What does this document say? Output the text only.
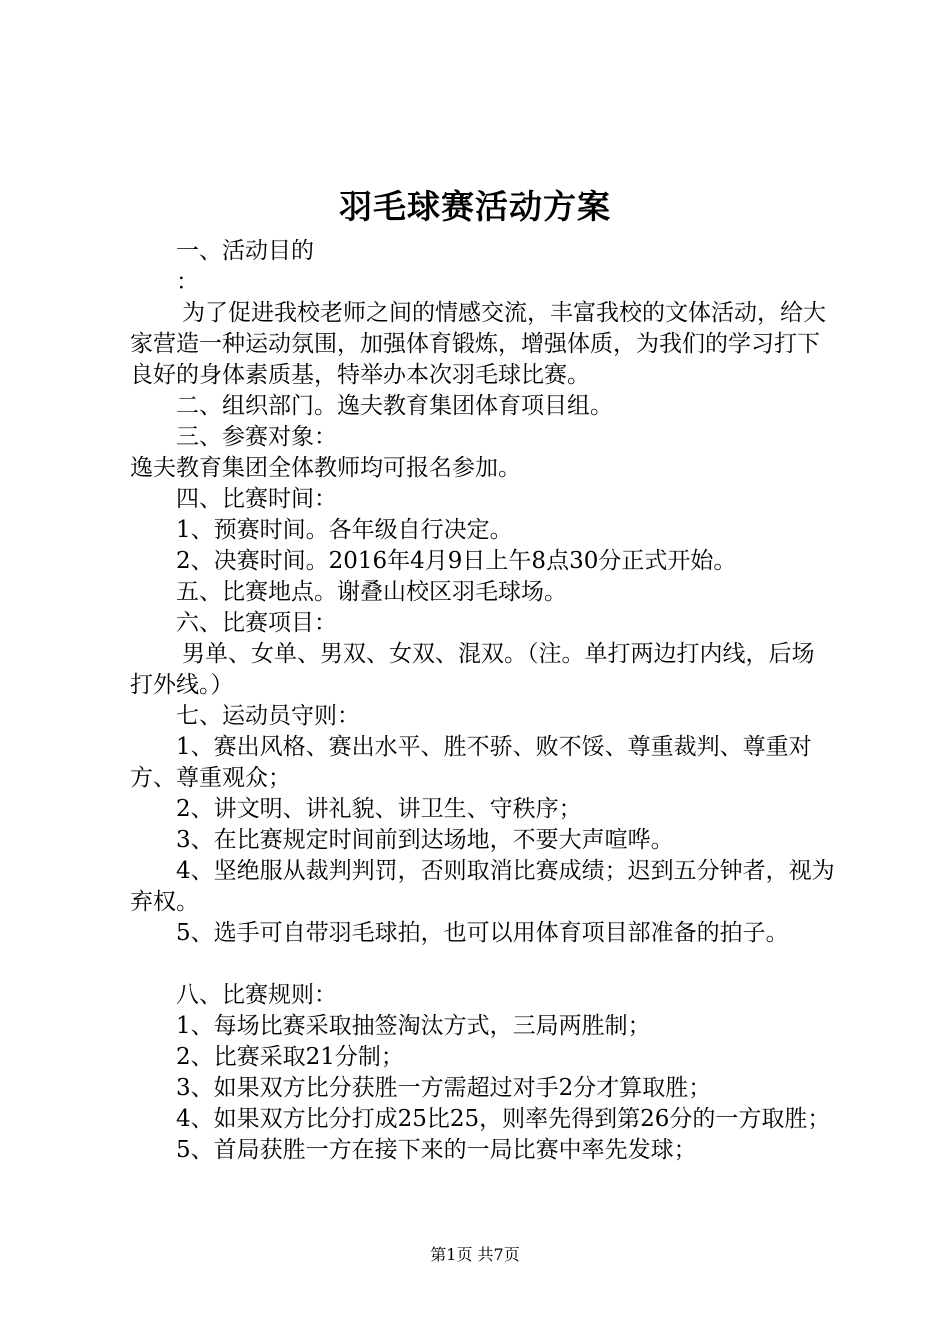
羽毛球赛活动方案

一、活动目的

：

为了促进我校老师之间的情感交流，丰富我校的文体活动，给大家营造一种运动氛围，加强体育锻炼，增强体质，为我们的学习打下良好的身体素质基，特举办本次羽毛球比赛。

二、组织部门。逸夫教育集团体育项目组。

三、参赛对象：

逸夫教育集团全体教师均可报名参加。

四、比赛时间：

1、预赛时间。各年级自行决定。

2、决赛时间。2016年4月9日上午8点30分正式开始。

五、比赛地点。谢叠山校区羽毛球场。

六、比赛项目：

男单、女单、男双、女双、混双。（注。单打两边打内线，后场打外线。）

七、运动员守则：

1、赛出风格、赛出水平、胜不骄、败不馁、尊重裁判、尊重对方、尊重观众；

2、讲文明、讲礼貌、讲卫生、守秩序；

3、在比赛规定时间前到达场地，不要大声喧哗。

4、坚绝服从裁判判罚，否则取消比赛成绩；迟到五分钟者，视为弃权。

5、选手可自带羽毛球拍，也可以用体育项目部准备的拍子。

八、比赛规则：

1、每场比赛采取抽签淘汰方式，三局两胜制；

2、比赛采取21分制；

3、如果双方比分获胜一方需超过对手2分才算取胜；

4、如果双方比分打成25比25，则率先得到第26分的一方取胜；

5、首局获胜一方在接下来的一局比赛中率先发球；

第1页 共7页
